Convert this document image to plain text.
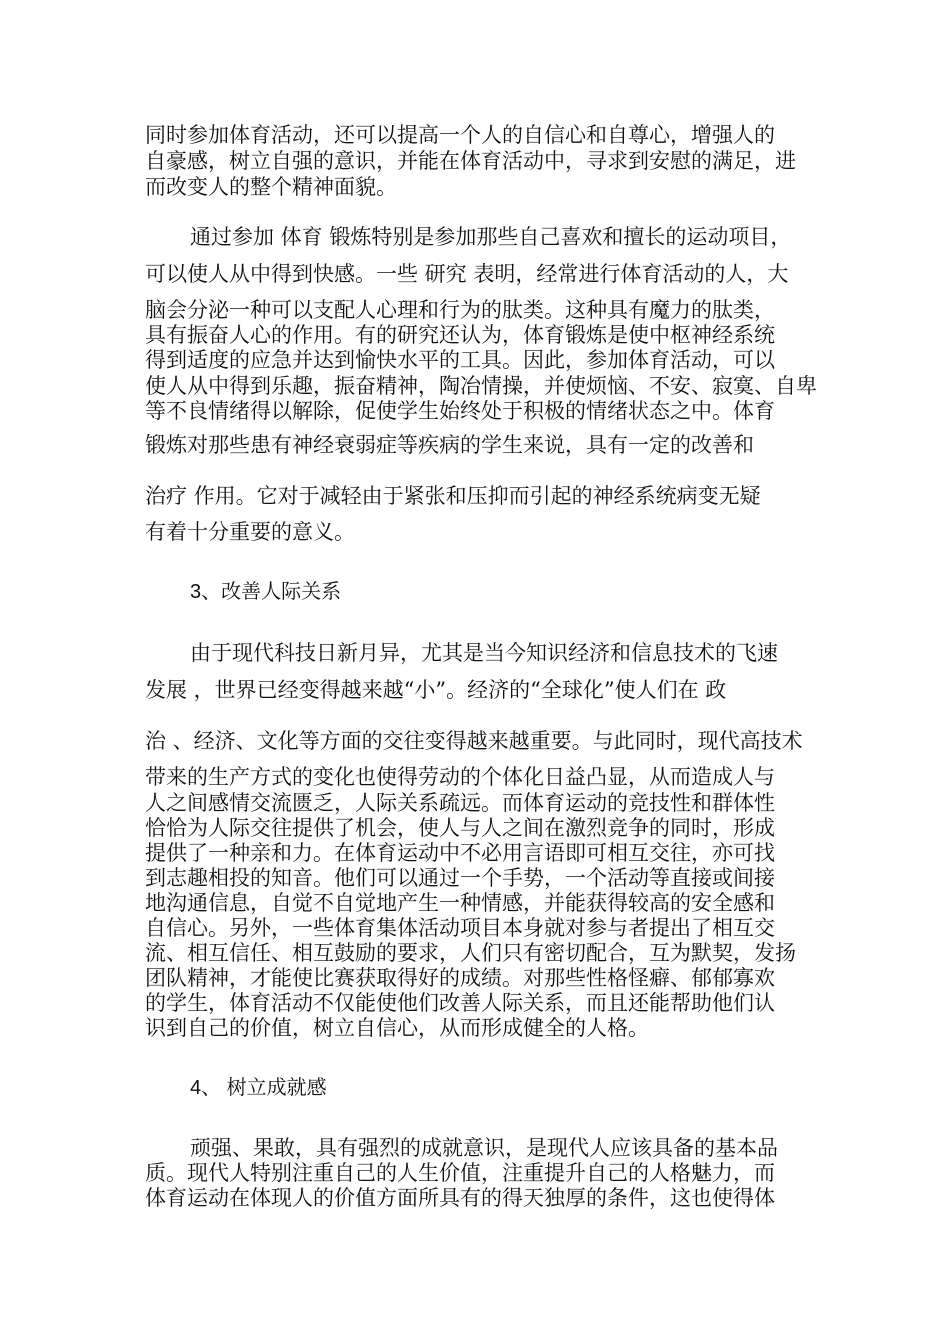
同时参加体育活动，还可以提高一个人的自信心和自尊心，增强人的
自豪感，树立自强的意识，并能在体育活动中，寻求到安慰的满足，进
而改变人的整个精神面貌。
通过参加 体育 锻炼特别是参加那些自己喜欢和擅长的运动项目，
可以使人从中得到快感。一些 研究 表明，经常进行体育活动的人，大
脑会分泌一种可以支配人心理和行为的肽类。这种具有魔力的肽类，
具有振奋人心的作用。有的研究还认为，体育锻炼是使中枢神经系统
得到适度的应急并达到愉快水平的工具。因此，参加体育活动，可以
使人从中得到乐趣，振奋精神，陶冶情操，并使烦恼、不安、寂寞、自卑
等不良情绪得以解除，促使学生始终处于积极的情绪状态之中。体育
锻炼对那些患有神经衰弱症等疾病的学生来说，具有一定的改善和
治疗 作用。它对于减轻由于紧张和压抑而引起的神经系统病变无疑
有着十分重要的意义。
3、改善人际关系
由于现代科技日新月异，尤其是当今知识经济和信息技术的飞速
发展 ，世界已经变得越来越“小”。经济的“全球化”使人们在 政
治 、经济、文化等方面的交往变得越来越重要。与此同时，现代高技术
带来的生产方式的变化也使得劳动的个体化日益凸显，从而造成人与
人之间感情交流匮乏，人际关系疏远。而体育运动的竞技性和群体性
恰恰为人际交往提供了机会，使人与人之间在激烈竞争的同时，形成
提供了一种亲和力。在体育运动中不必用言语即可相互交往，亦可找
到志趣相投的知音。他们可以通过一个手势，一个活动等直接或间接
地沟通信息，自觉不自觉地产生一种情感，并能获得较高的安全感和
自信心。另外，一些体育集体活动项目本身就对参与者提出了相互交
流、相互信任、相互鼓励的要求，人们只有密切配合，互为默契，发扬
团队精神，才能使比赛获取得好的成绩。对那些性格怪癖、郁郁寡欢
的学生，体育活动不仅能使他们改善人际关系，而且还能帮助他们认
识到自己的价值，树立自信心，从而形成健全的人格。
4、 树立成就感
顽强、果敢，具有强烈的成就意识，是现代人应该具备的基本品
质。现代人特别注重自己的人生价值，注重提升自己的人格魅力，而
体育运动在体现人的价值方面所具有的得天独厚的条件，这也使得体
